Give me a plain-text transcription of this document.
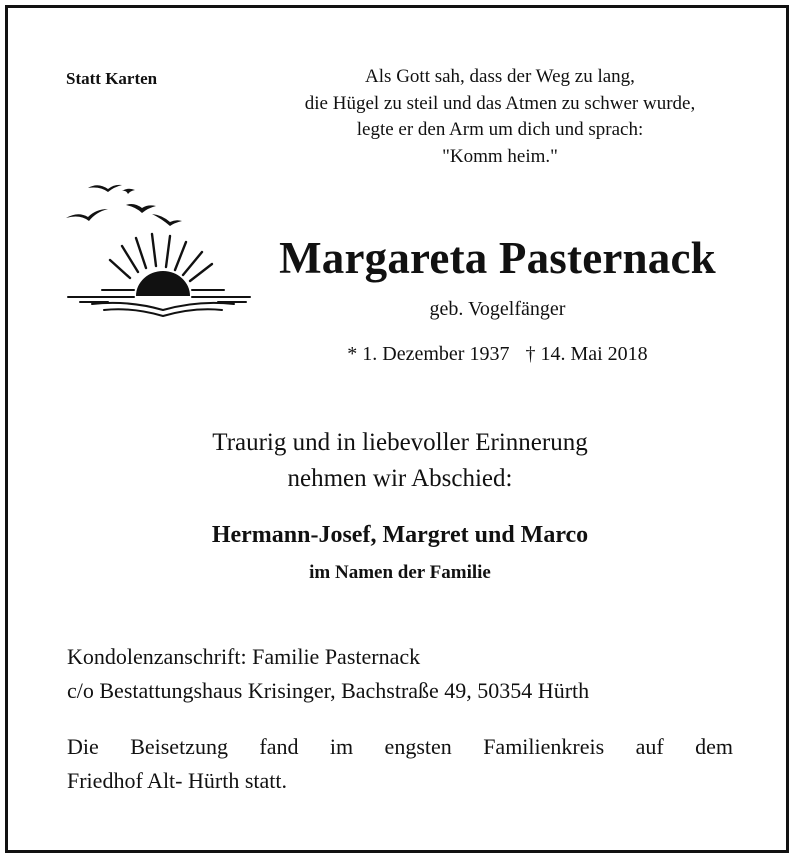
Statt Karten	Als Gott sah, dass der Weg zu lang,
die Hügel zu steil und das Atmen zu schwer wurde,
legte er den Arm um dich und sprach:
"Komm heim."
Margareta Pasternack
geb. Vogelfänger
* 1. Dezember 1937 † 14. Mai 2018
Traurig und in liebevoller Erinnerung
nehmen wir Abschied:
Hermann-Josef, Margret und Marco
im Namen der Familie
Kondolenzanschrift: Familie Pasternack
c/o Bestattungshaus Krisinger, Bachstraße 49, 50354 Hürth
Die Beisetzung fand im engsten Familienkreis auf dem
Friedhof Alt- Hürth statt.
